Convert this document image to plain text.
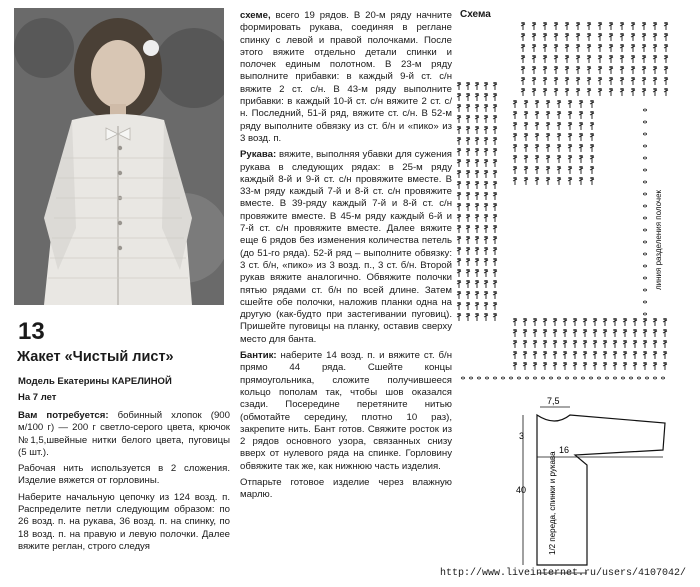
13
Жакет «Чистый лист»
Модель Екатерины КАРЕЛИНОЙ
На 7 лет

Вам потребуется: бобинный хлопок (900 м/100 г) — 200 г светло-серого цвета, крючок №1,5,швейные нитки белого цвета, пуговицы (5 шт.).

Рабочая нить используется в 2 сложения. Изделие вяжется от горловины.

Наберите начальную цепочку из 124 возд. п. Распределите петли следующим образом: по 26 возд. п. на рукава, 36 возд. п. на спинку, по 18 возд. п. на правую и левую полочки. Далее вяжите реглан, строго следуя

схеме, всего 19 рядов. В 20-м ряду начните формировать рукава, соединяя в реглане спинку с левой и правой полочками. После этого вяжите отдельно детали спинки и полочек единым полотном. В 23-м ряду выполните прибавки: в каждый 9-й ст. с/н вяжите 2 ст. с/н. В 43-м ряду выполните прибавки: в каждый 10-й ст. с/н вяжите 2 ст. с/н. Последний, 51-й ряд, вяжите ст. с/н. В 52-м ряду выполните обвязку из ст. б/н и «пико» из 3 возд. п.

Рукава: вяжите, выполняя убавки для сужения рукава в следующих рядах: в 25-м ряду каждый 8-й и 9-й ст. с/н провяжите вместе. В 33-м ряду каждый 7-й и 8-й ст. с/н провяжите вместе. В 39-ряду каждый 7-й и 8-й ст. с/н провяжите вместе. В 45-м ряду каждый 6-й и 7-й ст. с/н провяжите вместе. Далее вяжите еще 6 рядов без изменения количества петель (до 51-го ряда). 52-й ряд – выполните обвязку: 3 ст. б/н, «пико» из 3 возд. п., 3 ст. б/н. Второй рукав вяжите аналогично. Обвяжите полочки пятью рядами ст. б/н по всей длине. Затем сшейте обе полочки, наложив планки одна на другую (как-будто при застегивании пуговиц). Пришейте пуговицы на планку, оставив сверху место для банта.

Бантик: наберите 14 возд. п. и вяжите ст. б/н прямо 44 ряда. Сшейте концы прямоугольника, сложите получившееся кольцо пополам так, чтобы шов оказался сзади. Посередине перетяните нитью (обмотайте середину, плотно 10 раз), закрепите нить. Бант готов. Свяжите росток из 2 рядов основного узора, связанных снизу вверх от нулевого ряда на спинке. Горловину обвяжите так же, как нижнюю часть изделия.

Отпарьте готовое изделие через влажную марлю.

Схема
линия разделения полочек
7,5
3
16
40	1/2 переда, спинки и рукава
http://www.liveinternet.ru/users/4107042/
